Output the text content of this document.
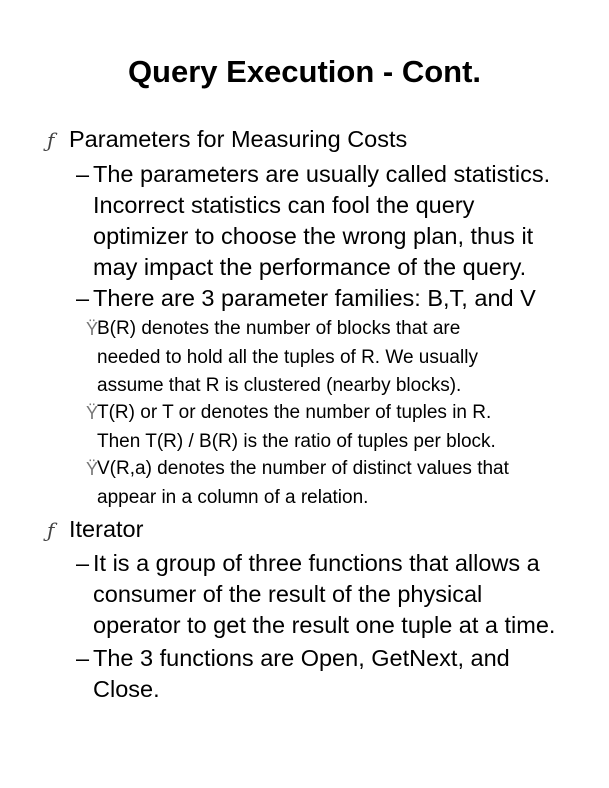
Query Execution - Cont.
ƒ Parameters for Measuring Costs
– The parameters are usually called statistics.
Incorrect statistics can fool the query
optimizer to choose the wrong plan, thus it
may impact the performance of the query.
– There are 3 parameter families: B,T, and V
Ÿ
B(R) denotes the number of blocks that are
needed to hold all the tuples of R. We usually
assume that R is clustered (nearby blocks).
Ÿ
T(R) or T or denotes the number of tuples in R.
Then T(R) / B(R) is the ratio of tuples per block.
Ÿ
V(R,a) denotes the number of distinct values that
appear in a column of a relation.
ƒ Iterator
– It is a group of three functions that allows a
consumer of the result of the physical
operator to get the result one tuple at a time.
– The 3 functions are Open, GetNext, and
Close.
